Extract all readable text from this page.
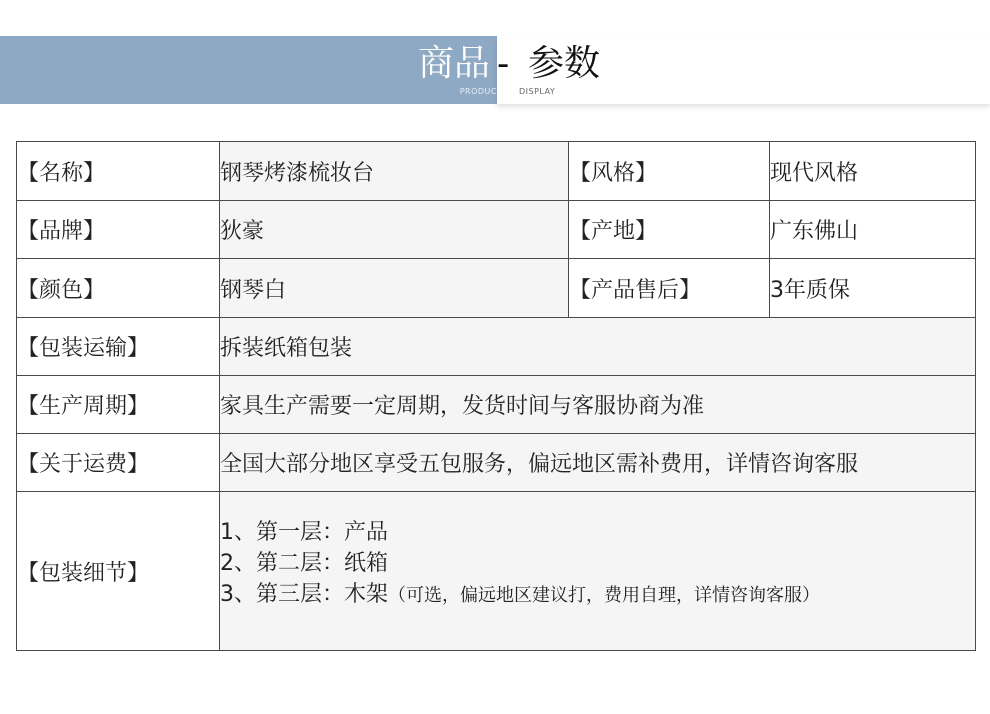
商品 - 参数
PRODUC	DISPLAY
【名称】	钢琴烤漆梳妆台	【风格】	现代风格
【品牌】	狄豪	【产地】	广东佛山
【颜色】	钢琴白	【产品售后】	3年质保
【包装运输】	拆装纸箱包装		
【生产周期】	家具生产需要一定周期，发货时间与客服协商为准		
【关于运费】	全国大部分地区享受五包服务，偏远地区需补费用，详情咨询客服		
【包装细节】	1、第一层：产品
2、第二层：纸箱
3、第三层：木架（可选，偏远地区建议打，费用自理，详情咨询客服）		
